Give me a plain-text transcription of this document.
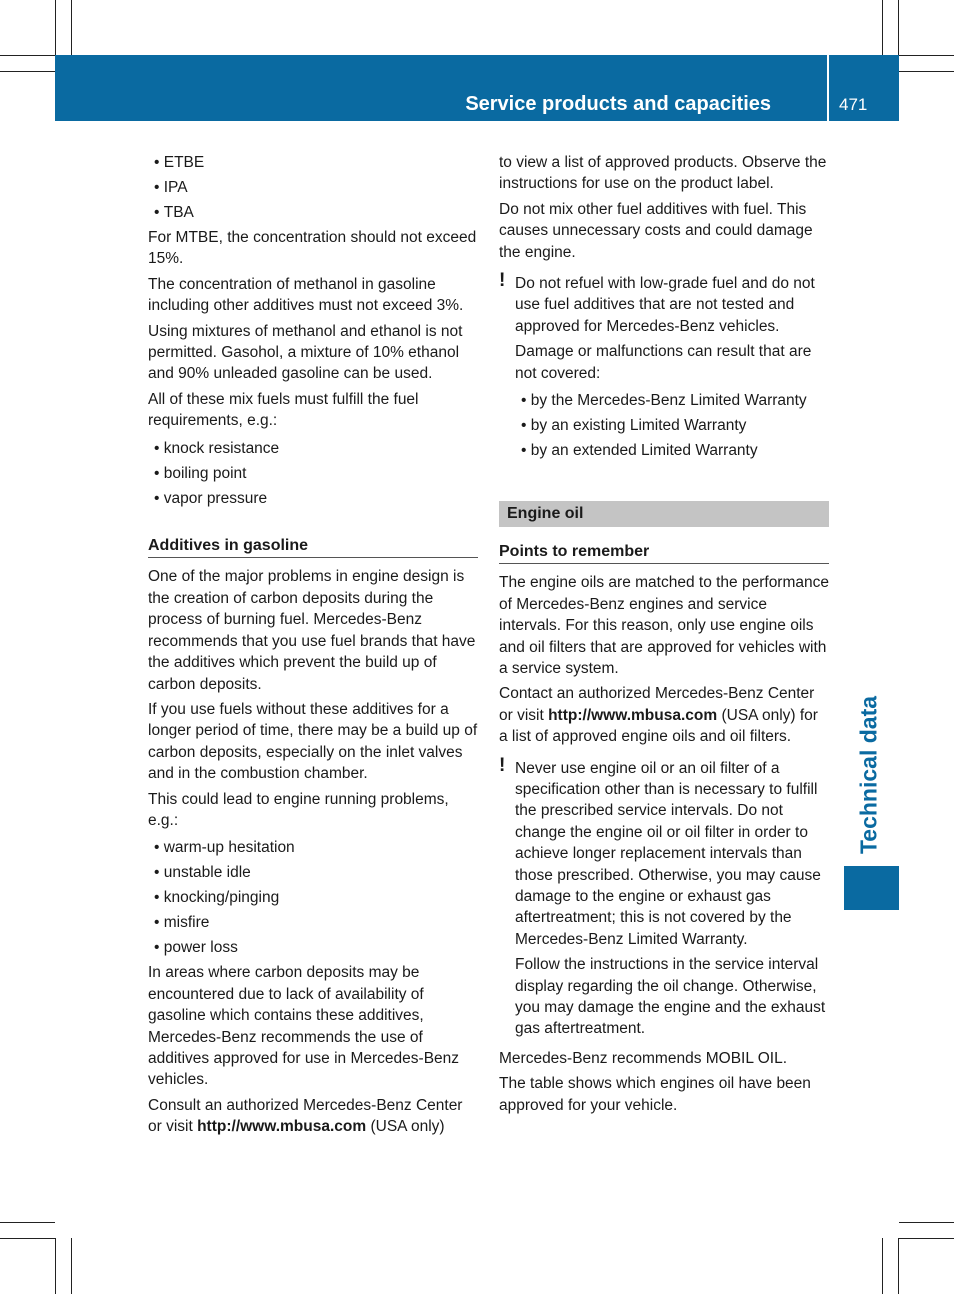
Service products and capacities	471
Technical data
• ETBE
• IPA
• TBA

For MTBE, the concentration should not exceed 15%.

The concentration of methanol in gasoline including other additives must not exceed 3%.

Using mixtures of methanol and ethanol is not permitted. Gasohol, a mixture of 10% ethanol and 90% unleaded gasoline can be used.

All of these mix fuels must fulfill the fuel requirements, e.g.:

• knock resistance
• boiling point
• vapor pressure
Additives in gasoline

One of the major problems in engine design is the creation of carbon deposits during the process of burning fuel. Mercedes-Benz recommends that you use fuel brands that have the additives which prevent the build up of carbon deposits.

If you use fuels without these additives for a longer period of time, there may be a build up of carbon deposits, especially on the inlet valves and in the combustion chamber.

This could lead to engine running problems, e.g.:

• warm-up hesitation
• unstable idle
• knocking/pinging
• misfire
• power loss

In areas where carbon deposits may be encountered due to lack of availability of gasoline which contains these additives, Mercedes-Benz recommends the use of additives approved for use in Mercedes-Benz vehicles.

Consult an authorized Mercedes-Benz Center or visit http://www.mbusa.com (USA only)

to view a list of approved products. Observe the instructions for use on the product label.

Do not mix other fuel additives with fuel. This causes unnecessary costs and could damage the engine.

! Do not refuel with low-grade fuel and do not use fuel additives that are not tested and approved for Mercedes-Benz vehicles.

Damage or malfunctions can result that are not covered:

• by the Mercedes-Benz Limited Warranty
• by an existing Limited Warranty
• by an extended Limited Warranty
Engine oil
Points to remember

The engine oils are matched to the performance of Mercedes-Benz engines and service intervals. For this reason, only use engine oils and oil filters that are approved for vehicles with a service system.

Contact an authorized Mercedes-Benz Center or visit http://www.mbusa.com (USA only) for a list of approved engine oils and oil filters.

! Never use engine oil or an oil filter of a specification other than is necessary to fulfill the prescribed service intervals. Do not change the engine oil or oil filter in order to achieve longer replacement intervals than those prescribed. Otherwise, you may cause damage to the engine or exhaust gas aftertreatment; this is not covered by the Mercedes-Benz Limited Warranty.

Follow the instructions in the service interval display regarding the oil change. Otherwise, you may damage the engine and the exhaust gas aftertreatment.

Mercedes-Benz recommends MOBIL OIL.

The table shows which engines oil have been approved for your vehicle.
